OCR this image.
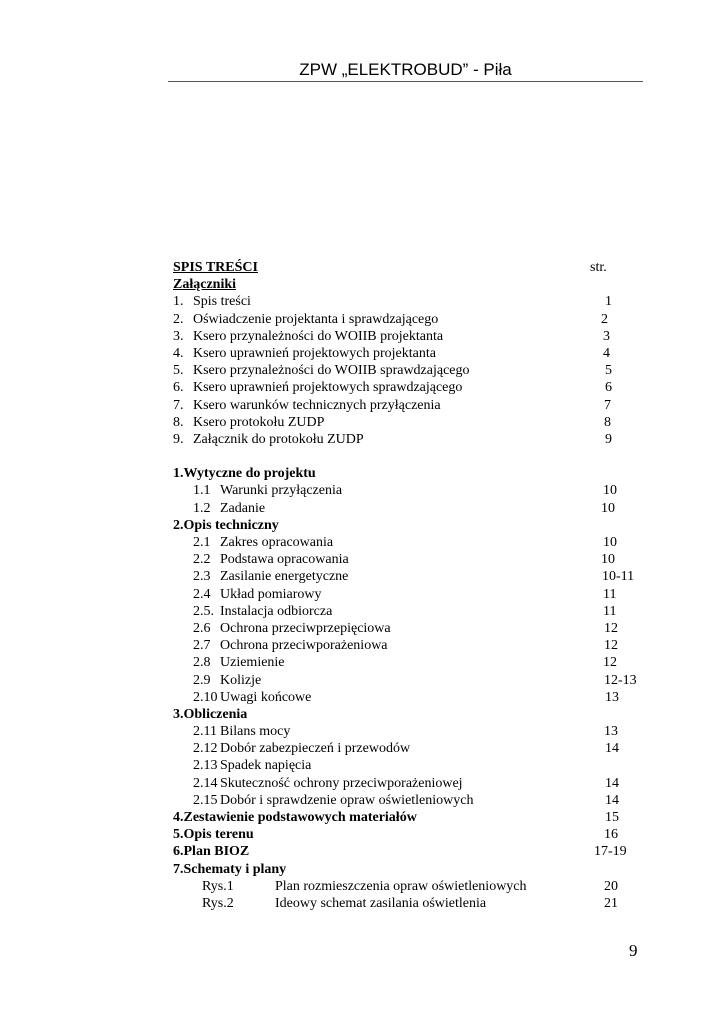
ZPW „ELEKTROBUD” - Piła
SPIS TREŚCI	str.
Załączniki
1. Spis treści	1
2. Oświadczenie projektanta i sprawdzającego	2
3. Ksero przynależności do WOIIB projektanta	3
4. Ksero uprawnień projektowych projektanta	4
5. Ksero przynależności do WOIIB sprawdzającego	5
6. Ksero uprawnień projektowych sprawdzającego	6
7. Ksero warunków technicznych przyłączenia	7
8. Ksero protokołu ZUDP	8
9. Załącznik do protokołu ZUDP	9
1.Wytyczne do projektu
1.1 Warunki przyłączenia	10
1.2 Zadanie	10
2.Opis techniczny
2.1 Zakres opracowania	10
2.2 Podstawa opracowania	10
2.3 Zasilanie energetyczne	10-11
2.4 Układ pomiarowy	11
2.5. Instalacja odbiorcza	11
2.6 Ochrona przeciwprzepięciowa	12
2.7 Ochrona przeciwporażeniowa	12
2.8 Uziemienie	12
2.9 Kolizje	12-13
2.10 Uwagi końcowe	13
3.Obliczenia
2.11 Bilans mocy	13
2.12 Dobór zabezpieczeń i przewodów	14
2.13 Spadek napięcia
2.14 Skuteczność ochrony przeciwporażeniowej	14
2.15 Dobór i sprawdzenie opraw oświetleniowych	14
4.Zestawienie podstawowych materiałów	15
5.Opis terenu	16
6.Plan BIOZ	17-19
7.Schematy i plany
Rys.1	Plan rozmieszczenia opraw oświetleniowych	20
Rys.2	Ideowy schemat zasilania oświetlenia	21
9
